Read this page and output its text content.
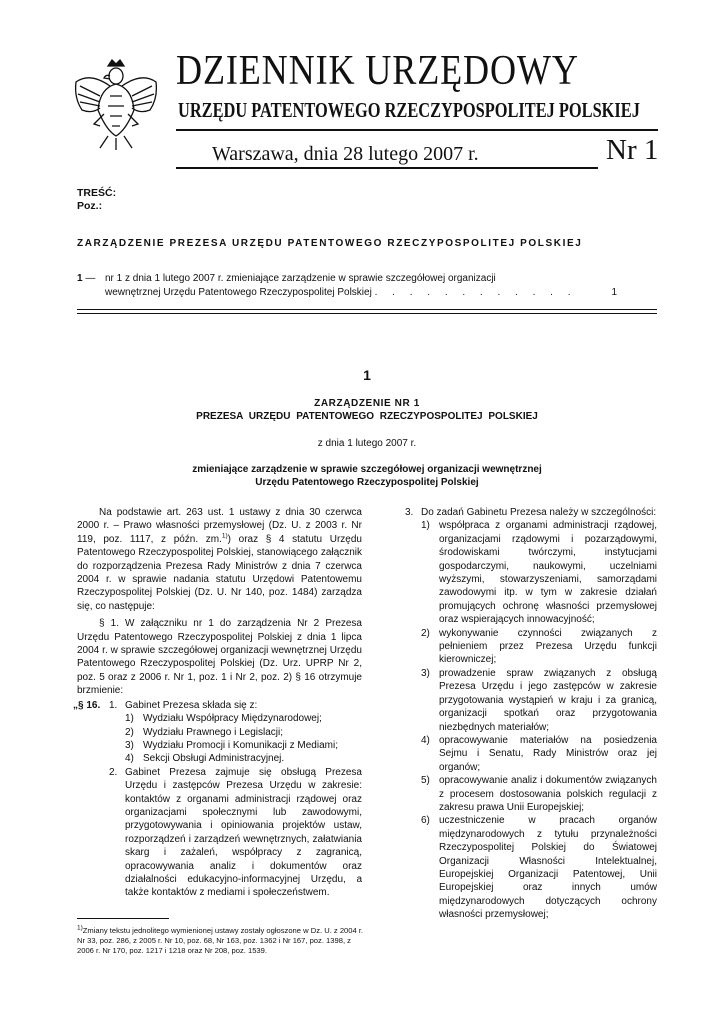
DZIENNIK URZĘDOWY
URZĘDU PATENTOWEGO RZECZYPOSPOLITEJ POLSKIEJ
Warszawa, dnia 28 lutego 2007 r.	Nr 1
TREŚĆ:
Poz.:
ZARZĄDZENIE PREZESA URZĘDU PATENTOWEGO RZECZYPOSPOLITEJ POLSKIEJ
1 — nr 1 z dnia 1 lutego 2007 r. zmieniające zarządzenie w sprawie szczegółowej organizacji
wewnętrznej Urzędu Patentowego Rzeczypospolitej Polskiej . . . . . . . . . . . .	1
1
ZARZĄDZENIE NR 1
PREZESA URZĘDU PATENTOWEGO RZECZYPOSPOLITEJ POLSKIEJ
z dnia 1 lutego 2007 r.
zmieniające zarządzenie w sprawie szczegółowej organizacji wewnętrznej
Urzędu Patentowego Rzeczypospolitej Polskiej

Na podstawie art. 263 ust. 1 ustawy z dnia 30 czerwca 2000 r. – Prawo własności przemysłowej (Dz. U. z 2003 r. Nr 119, poz. 1117, z późn. zm.$^{1)}$) oraz § 4 statutu Urzędu Patentowego Rzeczypospolitej Polskiej, stanowiącego załącznik do rozporządzenia Prezesa Rady Ministrów z dnia 7 czerwca 2004 r. w sprawie nadania statutu Urzędowi Patentowemu Rzeczypospolitej Polskiej (Dz. U. Nr 140, poz. 1484) zarządza się, co następuje:

§ 1. W załączniku nr 1 do zarządzenia Nr 2 Prezesa Urzędu Patentowego Rzeczypospolitej Polskiej z dnia 1 lipca 2004 r. w sprawie szczegółowej organizacji wewnętrznej Urzędu Patentowego Rzeczypospolitej Polskiej (Dz. Urz. UPRP Nr 2, poz. 5 oraz z 2006 r. Nr 1, poz. 1 i Nr 2, poz. 2) § 16 otrzymuje brzmienie:

„§ 16. 1. Gabinet Prezesa składa się z:
1) Wydziału Współpracy Międzynarodowej;
2) Wydziału Prawnego i Legislacji;
3) Wydziału Promocji i Komunikacji z Mediami;
4) Sekcji Obsługi Administracyjnej.
2. Gabinet Prezesa zajmuje się obsługą Prezesa Urzędu i zastępców Prezesa Urzędu w zakresie: kontaktów z organami administracji rządowej oraz organizacjami społecznymi lub zawodowymi, przygotowywania i opiniowania projektów ustaw, rozporządzeń i zarządzeń wewnętrznych, załatwiania skarg i zażaleń, współpracy z zagranicą, opracowywania analiz i dokumentów oraz działalności edukacyjno-informacyjnej Urzędu, a także kontaktów z mediami i społeczeństwem.
3. Do zadań Gabinetu Prezesa należy w szczególności:
1) współpraca z organami administracji rządowej, organizacjami rządowymi i pozarządowymi, środowiskami twórczymi, instytucjami gospodarczymi, naukowymi, uczelniami wyższymi, stowarzyszeniami, samorządami zawodowymi itp. w tym w zakresie działań promujących ochronę własności przemysłowej oraz wspierających innowacyjność;
2) wykonywanie czynności związanych z pełnieniem przez Prezesa Urzędu funkcji kierowniczej;
3) prowadzenie spraw związanych z obsługą Prezesa Urzędu i jego zastępców w zakresie przygotowania wystąpień w kraju i za granicą, organizacji spotkań oraz przygotowania niezbędnych materiałów;
4) opracowywanie materiałów na posiedzenia Sejmu i Senatu, Rady Ministrów oraz jej organów;
5) opracowywanie analiz i dokumentów związanych z procesem dostosowania polskich regulacji z zakresu prawa Unii Europejskiej;
6) uczestniczenie w pracach organów międzynarodowych z tytułu przynależności Rzeczypospolitej Polskiej do Światowej Organizacji Własności Intelektualnej, Europejskiej Organizacji Patentowej, Unii Europejskiej oraz innych umów międzynarodowych dotyczących ochrony własności przemysłowej;
$^{1)}$Zmiany tekstu jednolitego wymienionej ustawy zostały ogłoszone w Dz. U. z 2004 r. Nr 33, poz. 286, z 2005 r. Nr 10, poz. 68, Nr 163, poz. 1362 i Nr 167, poz. 1398, z 2006 r. Nr 170, poz. 1217 i 1218 oraz Nr 208, poz. 1539.
